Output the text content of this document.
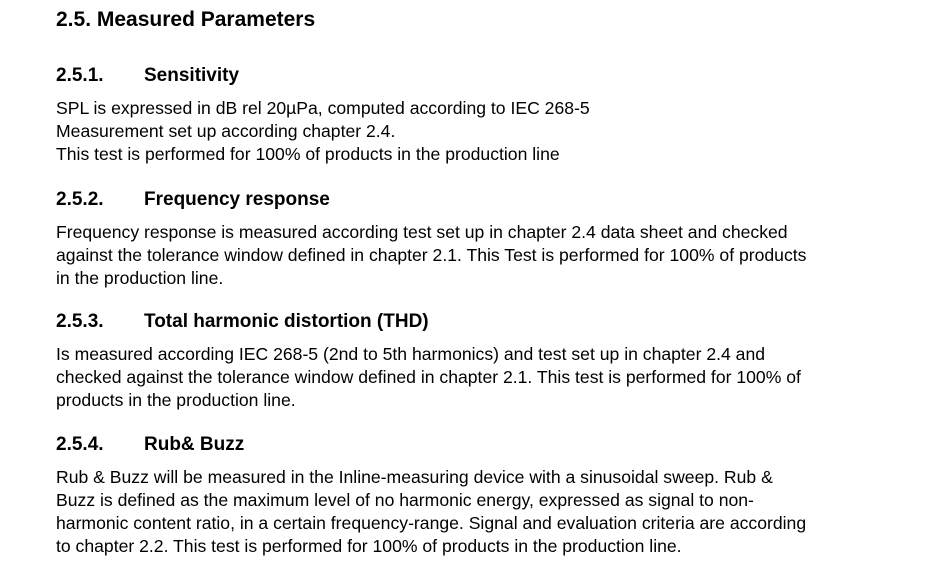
2.5. Measured Parameters
2.5.1. Sensitivity

SPL is expressed in dB rel 20µPa, computed according to IEC 268-5
Measurement set up according chapter 2.4.
This test is performed for 100% of products in the production line

2.5.2. Frequency response

Frequency response is measured according test set up in chapter 2.4 data sheet and checked
against the tolerance window defined in chapter 2.1. This Test is performed for 100% of products
in the production line.

2.5.3. Total harmonic distortion (THD)

Is measured according IEC 268-5 (2nd to 5th harmonics) and test set up in chapter 2.4 and
checked against the tolerance window defined in chapter 2.1. This test is performed for 100% of
products in the production line.

2.5.4. Rub& Buzz

Rub & Buzz will be measured in the Inline-measuring device with a sinusoidal sweep. Rub &
Buzz is defined as the maximum level of no harmonic energy, expressed as signal to non-
harmonic content ratio, in a certain frequency-range. Signal and evaluation criteria are according
to chapter 2.2. This test is performed for 100% of products in the production line.
